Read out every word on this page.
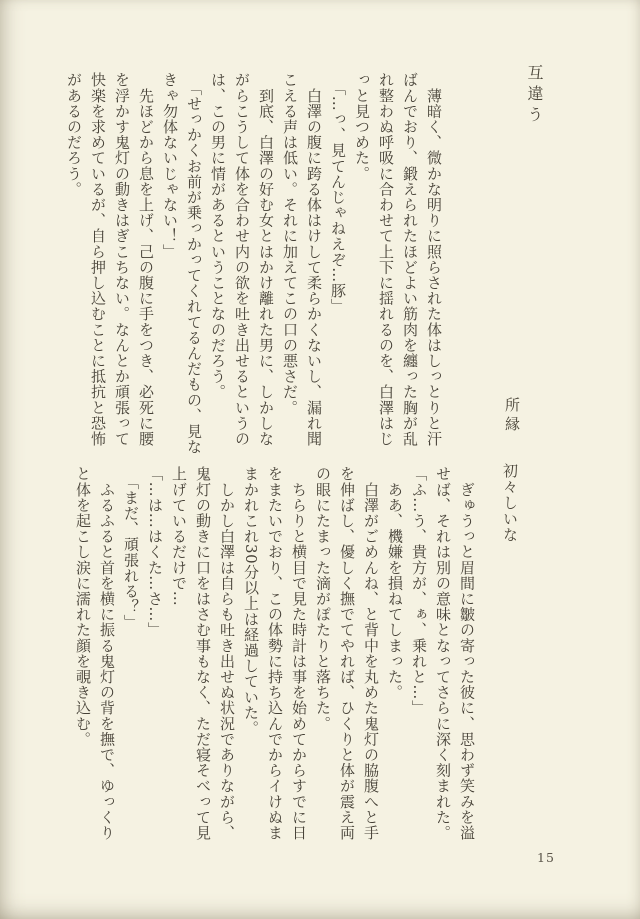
互違う
　薄暗く、微かな明りに照らされた体はしっとりと汗
ばんでおり、鍛えられたほどよい筋肉を纏った胸が乱
れ整わぬ呼吸に合わせて上下に揺れるのを、白澤はじ
っと見つめた。
　「…っ、見てんじゃねえぞ…豚」
　白澤の腹に跨る体はけして柔らかくないし、漏れ聞
こえる声は低い。それに加えてこの口の悪さだ。
　到底、白澤の好む女とはかけ離れた男に、しかしな
がらこうして体を合わせ内の欲を吐き出せるというの
は、この男に情があるということなのだろう。
　「せっかくお前が乗っかってくれてるんだもの、見な
きゃ勿体ないじゃない！」
　先ほどから息を上げ、己の腹に手をつき、必死に腰
を浮かす鬼灯の動きはぎこちない。なんとか頑張って
快楽を求めているが、自ら押し込むことに抵抗と恐怖
があるのだろう。
所縁
初々しいな
　ぎゅうっと眉間に皺の寄った彼に、思わず笑みを溢
せば、それは別の意味となってさらに深く刻まれた。
「ふ…う、貴方が、ぁ、乗れと…」
　ああ、機嫌を損ねてしまった。
　白澤がごめんね、と背中を丸めた鬼灯の脇腹へと手
を伸ばし、優しく撫でてやれば、ひくりと体が震え両
の眼にたまった滴がぽたりと落ちた。
　ちらりと横目で見た時計は事を始めてからすでに日
をまたいでおり、この体勢に持ち込んでからイけぬま
まかれこれ30分以上は経過していた。
　しかし白澤は自らも吐き出せぬ状況でありながら、
鬼灯の動きに口をはさむ事もなく、ただ寝そべって見
上げているだけで…
「…は…はくた…さ…」
　「まだ、頑張れる？」
　ふるふると首を横に振る鬼灯の背を撫で、ゆっくり
と体を起こし涙に濡れた顔を覗き込む。
15
